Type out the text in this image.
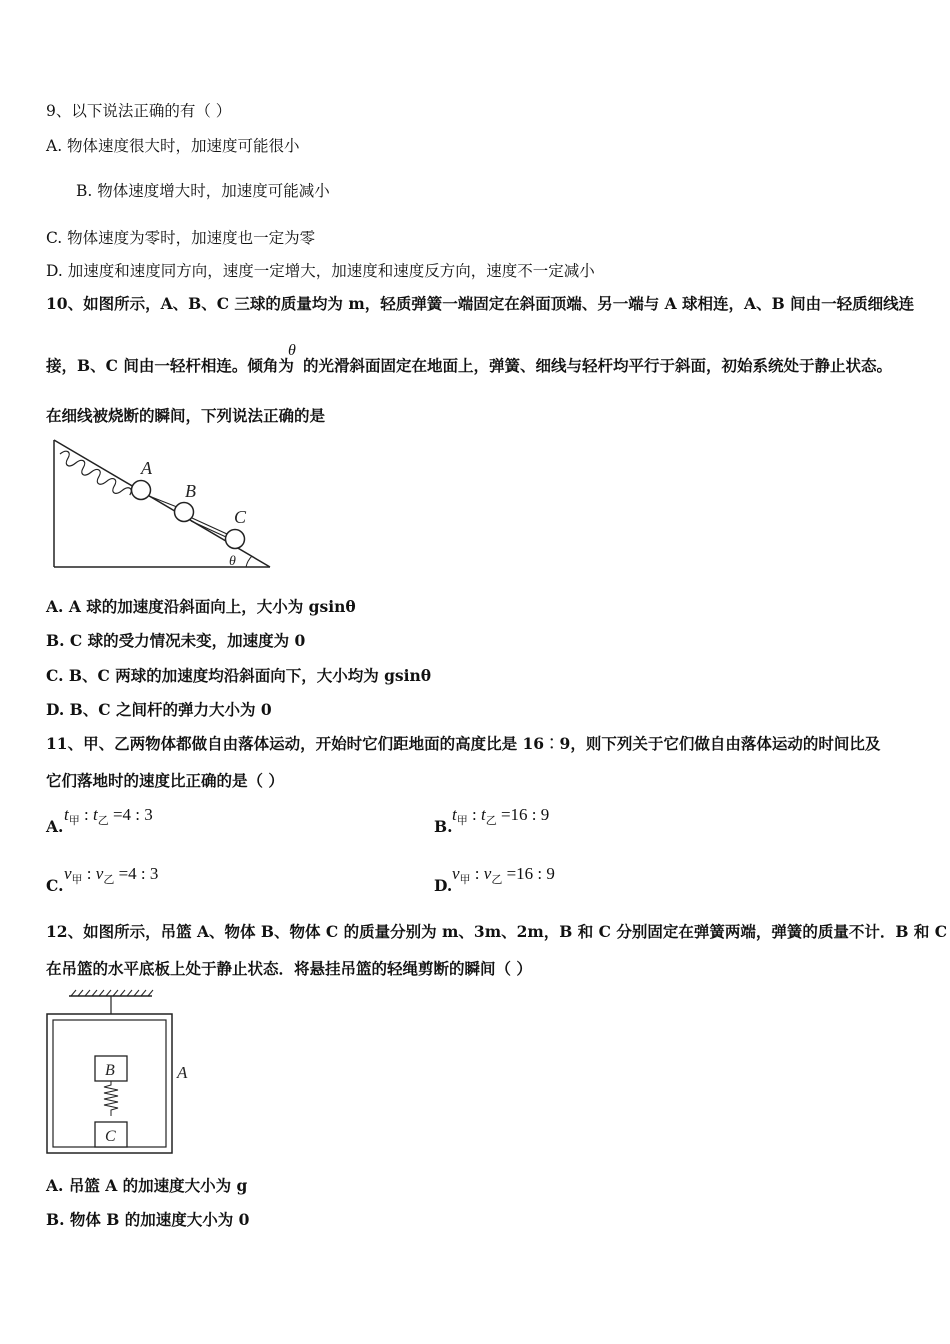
9、以下说法正确的有（ ）
A. 物体速度很大时，加速度可能很小
B. 物体速度增大时，加速度可能减小
C. 物体速度为零时，加速度也一定为零
D. 加速度和速度同方向，速度一定增大，加速度和速度反方向，速度不一定减小
10、如图所示，A、B、C 三球的质量均为 m，轻质弹簧一端固定在斜面顶端、另一端与 A 球相连，A、B 间由一轻质细线连
接，B、C 间由一轻杆相连。倾角为
θ
的光滑斜面固定在地面上，弹簧、细线与轻杆均平行于斜面，初始系统处于静止状态。
在细线被烧断的瞬间，下列说法正确的是
A
B
C
θ
A. A 球的加速度沿斜面向上，大小为 gsinθ
B. C 球的受力情况未变，加速度为 0
C. B、C 两球的加速度均沿斜面向下，大小均为 gsinθ
D. B、C 之间杆的弹力大小为 0
11、甲、乙两物体都做自由落体运动，开始时它们距地面的高度比是 16︰9，则下列关于它们做自由落体运动的时间比及
它们落地时的速度比正确的是（ ）
A.
$t_甲$ : $t_乙 =4$ : 3
B.
$t_甲$ : $t_乙 =16$ : 9
C.
$v_甲$ : $v_乙 =4$ : 3
D.
$v_甲$ : $v_乙 =16$ : 9
12、如图所示，吊篮 A、物体 B、物体 C 的质量分别为 m、3m、2m，B 和 C 分别固定在弹簧两端，弹簧的质量不计．B 和 C
在吊篮的水平底板上处于静止状态．将悬挂吊篮的轻绳剪断的瞬间（ ）
B
C
A
A. 吊篮 A 的加速度大小为 g
B. 物体 B 的加速度大小为 0
